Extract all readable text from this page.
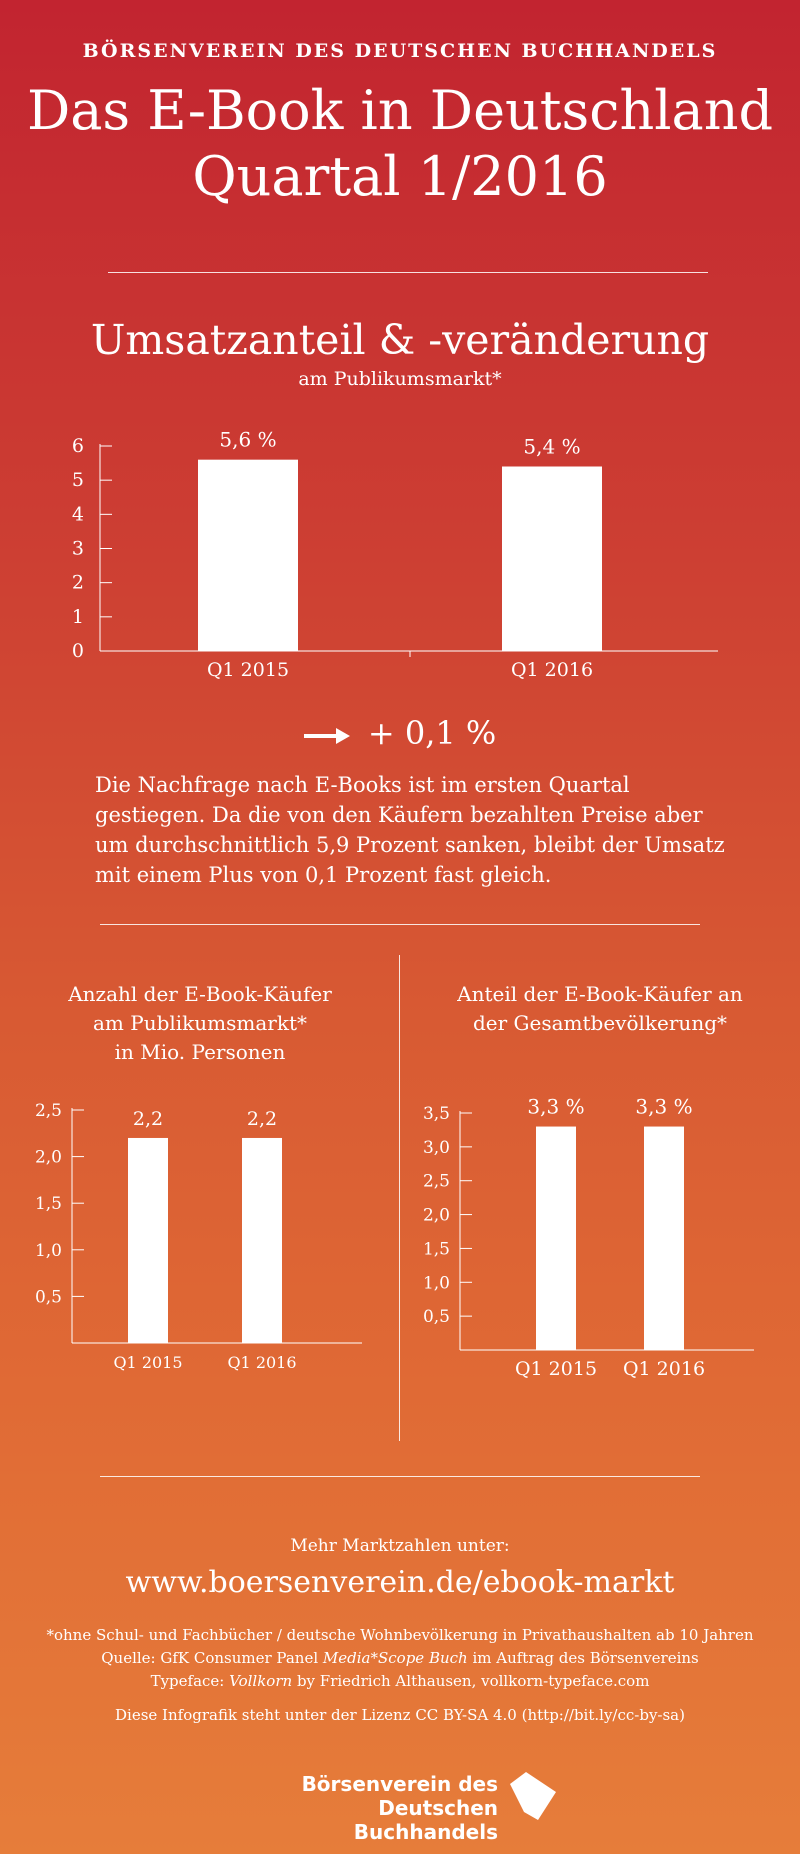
BÖRSENVEREIN DES DEUTSCHEN BUCHHANDELS
Das E-Book in Deutschland
Quartal 1/2016
Umsatzanteil & -veränderung
am Publikumsmarkt*
0
1
2
3
4
5
6	5,6 %
Q1 2015
5,4 %
Q1 2016
0,5
1,0
1,5
2,0
2,5	2,2
Q1 2015
2,2
Q1 2016
0,5
1,0
1,5
2,0
2,5
3,0
3,5	3,3 %
Q1 2015
3,3 %
Q1 2016
+ 0,1 %
Die Nachfrage nach E-Books ist im ersten Quartal gestiegen. Da die von den Käufern bezahlten Preise aber um durchschnittlich 5,9 Prozent sanken, bleibt der Umsatz mit einem Plus von 0,1 Prozent fast gleich.
Anzahl der E-Book-Käufer
am Publikumsmarkt*
in Mio. Personen
Anteil der E-Book-Käufer an
der Gesamtbevölkerung*
Mehr Marktzahlen unter:
www.boersenverein.de/ebook-markt
*ohne Schul- und Fachbücher / deutsche Wohnbevölkerung in Privathaushalten ab 10 Jahren
Quelle: GfK Consumer Panel Media*Scope Buch im Auftrag des Börsenvereins
Typeface: Vollkorn by Friedrich Althausen, vollkorn-typeface.com
Diese Infografik steht unter der Lizenz CC BY-SA 4.0 (http://bit.ly/cc-by-sa)
Börsenverein des
Deutschen Buchhandels
